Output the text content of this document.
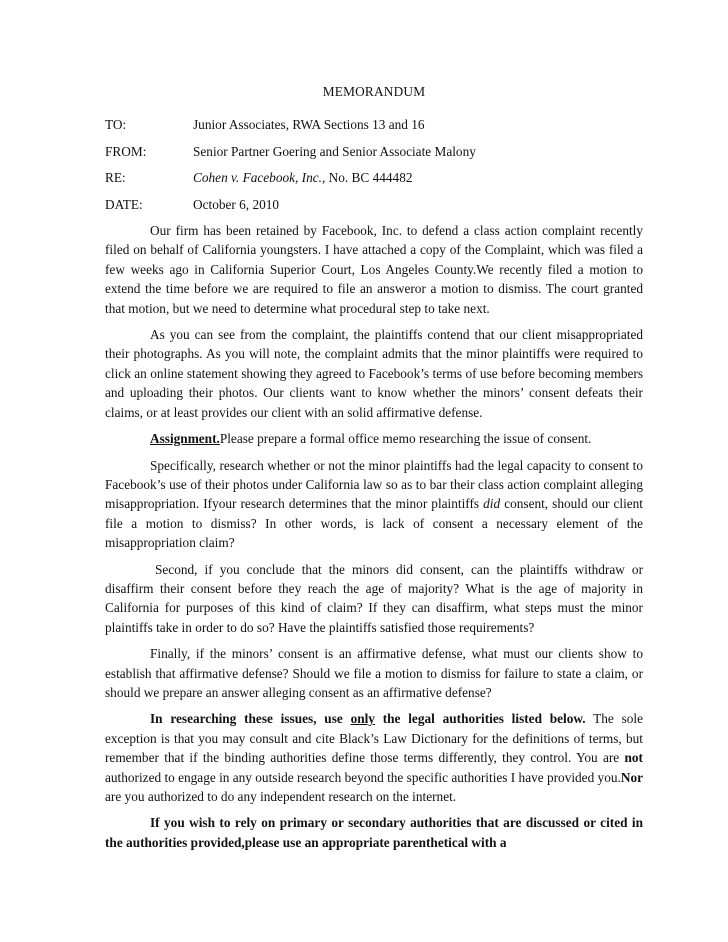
MEMORANDUM
TO:	Junior Associates, RWA Sections 13 and 16
FROM:	Senior Partner Goering and Senior Associate Malony
RE:	Cohen v. Facebook, Inc., No. BC 444482
DATE:	October 6, 2010

Our firm has been retained by Facebook, Inc. to defend a class action complaint recently filed on behalf of California youngsters. I have attached a copy of the Complaint, which was filed a few weeks ago in California Superior Court, Los Angeles County.We recently filed a motion to extend the time before we are required to file an answeror a motion to dismiss. The court granted that motion, but we need to determine what procedural step to take next.

As you can see from the complaint, the plaintiffs contend that our client misappropriated their photographs. As you will note, the complaint admits that the minor plaintiffs were required to click an online statement showing they agreed to Facebook’s terms of use before becoming members and uploading their photos. Our clients want to know whether the minors’ consent defeats their claims, or at least provides our client with an solid affirmative defense.

Assignment.Please prepare a formal office memo researching the issue of consent.

Specifically, research whether or not the minor plaintiffs had the legal capacity to consent to Facebook’s use of their photos under California law so as to bar their class action complaint alleging misappropriation. Ifyour research determines that the minor plaintiffs did consent, should our client file a motion to dismiss? In other words, is lack of consent a necessary element of the misappropriation claim?

Second, if you conclude that the minors did consent, can the plaintiffs withdraw or disaffirm their consent before they reach the age of majority? What is the age of majority in California for purposes of this kind of claim? If they can disaffirm, what steps must the minor plaintiffs take in order to do so? Have the plaintiffs satisfied those requirements?

Finally, if the minors’ consent is an affirmative defense, what must our clients show to establish that affirmative defense? Should we file a motion to dismiss for failure to state a claim, or should we prepare an answer alleging consent as an affirmative defense?

In researching these issues, use only the legal authorities listed below. The sole exception is that you may consult and cite Black’s Law Dictionary for the definitions of terms, but remember that if the binding authorities define those terms differently, they control. You are not authorized to engage in any outside research beyond the specific authorities I have provided you.Nor are you authorized to do any independent research on the internet.

If you wish to rely on primary or secondary authorities that are discussed or cited in the authorities provided,please use an appropriate parenthetical with a
